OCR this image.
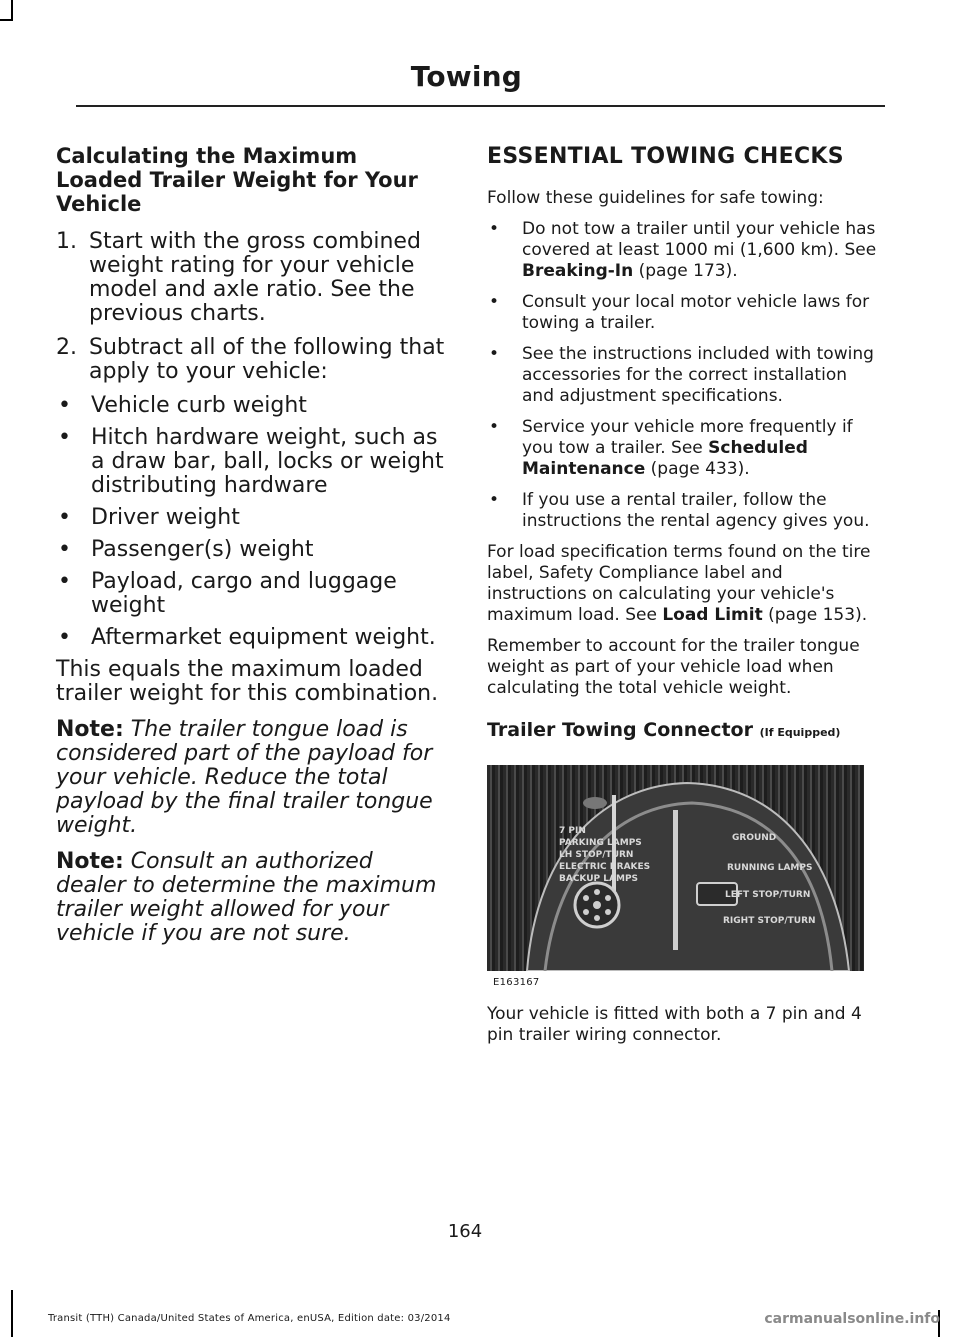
Towing
Calculating the Maximum Loaded Trailer Weight for Your Vehicle
1. Start with the gross combined weight rating for your vehicle model and axle ratio. See the previous charts.
2. Subtract all of the following that apply to your vehicle:
• Vehicle curb weight
• Hitch hardware weight, such as a draw bar, ball, locks or weight distributing hardware
• Driver weight
• Passenger(s) weight
• Payload, cargo and luggage weight
• Aftermarket equipment weight.

This equals the maximum loaded trailer weight for this combination.

Note: The trailer tongue load is considered part of the payload for your vehicle. Reduce the total payload by the final trailer tongue weight.

Note: Consult an authorized dealer to determine the maximum trailer weight allowed for your vehicle if you are not sure.

ESSENTIAL TOWING CHECKS

Follow these guidelines for safe towing:

•	Do not tow a trailer until your vehicle has covered at least 1000 mi (1,600 km). See Breaking-In (page 173).
•	Consult your local motor vehicle laws for towing a trailer.
•	See the instructions included with towing accessories for the correct installation and adjustment specifications.
•	Service your vehicle more frequently if you tow a trailer. See Scheduled Maintenance (page 433).
•	If you use a rental trailer, follow the instructions the rental agency gives you.

For load specification terms found on the tire label, Safety Compliance label and instructions on calculating your vehicle's maximum load. See Load Limit (page 153).

Remember to account for the trailer tongue weight as part of your vehicle load when calculating the total vehicle weight.

Trailer Towing Connector (If Equipped)
7 PIN
PARKING LAMPS
LH STOP/TURN
ELECTRIC BRAKES
BACKUP LAMPS
GROUND
RUNNING LAMPS
LEFT STOP/TURN
RIGHT STOP/TURN
E163167

Your vehicle is fitted with both a 7 pin and 4 pin trailer wiring connector.

164
Transit (TTH) Canada/United States of America, enUSA, Edition date: 03/2014	carmanualsonline.info
